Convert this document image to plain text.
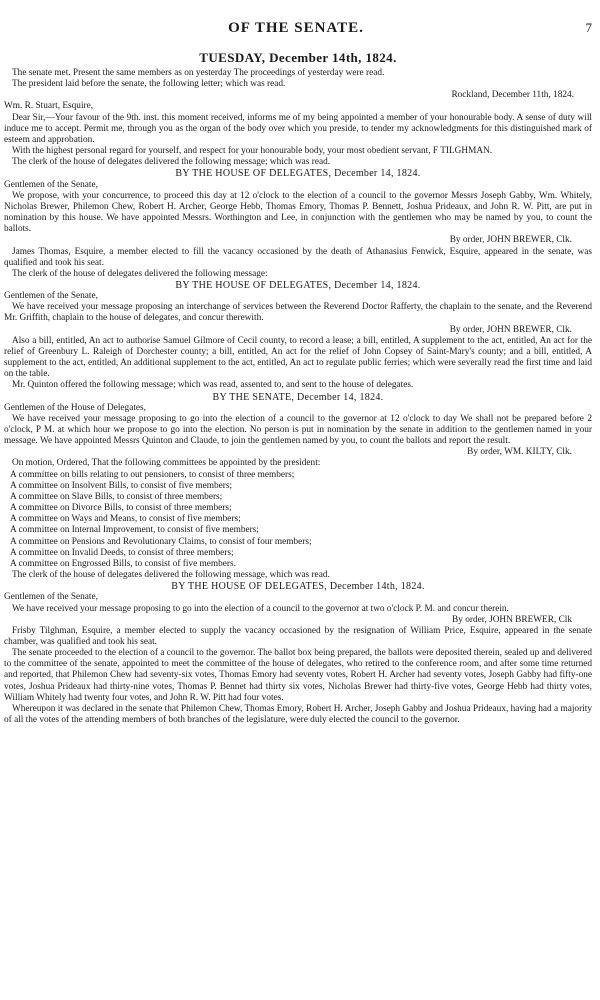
OF THE SENATE.	7
TUESDAY, December 14th, 1824.

The senate met. Present the same members as on yesterday The proceedings of yesterday were read.

The president laid before the senate, the following letter; which was read.

Rockland, December 11th, 1824.

Wm. R. Stuart, Esquire,

Dear Sir,—Your favour of the 9th. inst. this moment received, informs me of my being appointed a member of your honourable body. A sense of duty will induce me to accept. Permit me, through you as the organ of the body over which you preside, to tender my acknowledgments for this distinguished mark of esteem and approbation.

With the highest personal regard for yourself, and respect for your honourable body, your most obedient servant, F TILGHMAN.

The clerk of the house of delegates delivered the following message; which was read.

BY THE HOUSE OF DELEGATES, December 14, 1824.

Gentlemen of the Senate,

We propose, with your concurrence, to proceed this day at 12 o'clock to the election of a council to the governor Messrs Joseph Gabby, Wm. Whitely, Nicholas Brewer, Philemon Chew, Robert H. Archer, George Hebb, Thomas Emory, Thomas P. Bennett, Joshua Prideaux, and John R. W. Pitt, are put in nomination by this house. We have appointed Messrs. Worthington and Lee, in conjunction with the gentlemen who may be named by you, to count the ballots.

By order, JOHN BREWER, Clk.

James Thomas, Esquire, a member elected to fill the vacancy occasioned by the death of Athanasius Fenwick, Esquire, appeared in the senate, was qualified and took his seat.

The clerk of the house of delegates delivered the following message:

BY THE HOUSE OF DELEGATES, December 14, 1824.

Gentlemen of the Senate,

We have received your message proposing an interchange of services between the Reverend Doctor Rafferty, the chaplain to the senate, and the Reverend Mr. Griffith, chaplain to the house of delegates, and concur therewith.

By order, JOHN BREWER, Clk.

Also a bill, entitled, An act to authorise Samuel Gilmore of Cecil county, to record a lease; a bill, entitled, A supplement to the act, entitled, An act for the relief of Greenbury L. Raleigh of Dorchester county; a bill, entitled, An act for the relief of John Copsey of Saint-Mary's county; and a bill, entitled, A supplement to the act, entitled, An additional supplement to the act, entitled, An act to regulate public ferries; which were severally read the first time and laid on the table.

Mr. Quinton offered the following message; which was read, assented to, and sent to the house of delegates.

BY THE SENATE, December 14, 1824.

Gentlemen of the House of Delegates,

We have received your message proposing to go into the election of a council to the governor at 12 o'clock to day We shall not be prepared before 2 o'clock, P M. at which hour we propose to go into the election. No person is put in nomination by the senate in addition to the gentlemen named in your message. We have appointed Messrs Quinton and Claude, to join the gentlemen named by you, to count the ballots and report the result.

By order, WM. KILTY, Clk.

On motion, Ordered, That the following committees be appointed by the president:

A committee on bills relating to out pensioners, to consist of three members;

A committee on Insolvent Bills, to consist of five members;

A committee on Slave Bills, to consist of three members;

A committee on Divorce Bills, to consist of three members;

A committee on Ways and Means, to consist of five members;

A committee on Internal Improvement, to consist of five members;

A committee on Pensions and Revolutionary Claims, to consist of four members;

A committee on Invalid Deeds, to consist of three members;

A committee on Engrossed Bills, to consist of five members.

The clerk of the house of delegates delivered the following message, which was read.

BY THE HOUSE OF DELEGATES, December 14th, 1824.

Gentlemen of the Senate,

We have received your message proposing to go into the election of a council to the governor at two o'clock P. M. and concur therein.

By order, JOHN BREWER, Clk

Frisby Tilghman, Esquire, a member elected to supply the vacancy occasioned by the resignation of William Price, Esquire, appeared in the senate chamber, was qualified and took his seat.

The senate proceeded to the election of a council to the governor. The ballot box being prepared, the ballots were deposited therein, sealed up and delivered to the committee of the senate, appointed to meet the committee of the house of delegates, who retired to the conference room, and after some time returned and reported, that Philemon Chew had seventy-six votes, Thomas Emory had seventy votes, Robert H. Archer had seventy votes, Joseph Gabby had fifty-one votes, Joshua Prideaux had thirty-nine votes, Thomas P. Bennet had thirty six votes, Nicholas Brewer had thirty-five votes, George Hebb had thirty votes, William Whitely had twenty four votes, and John R. W. Pitt had four votes.

Whereupon it was declared in the senate that Philemon Chew, Thomas Emory, Robert H. Archer, Joseph Gabby and Joshua Prideaux, having had a majority of all the votes of the attending members of both branches of the legislature, were duly elected the council to the governor.
